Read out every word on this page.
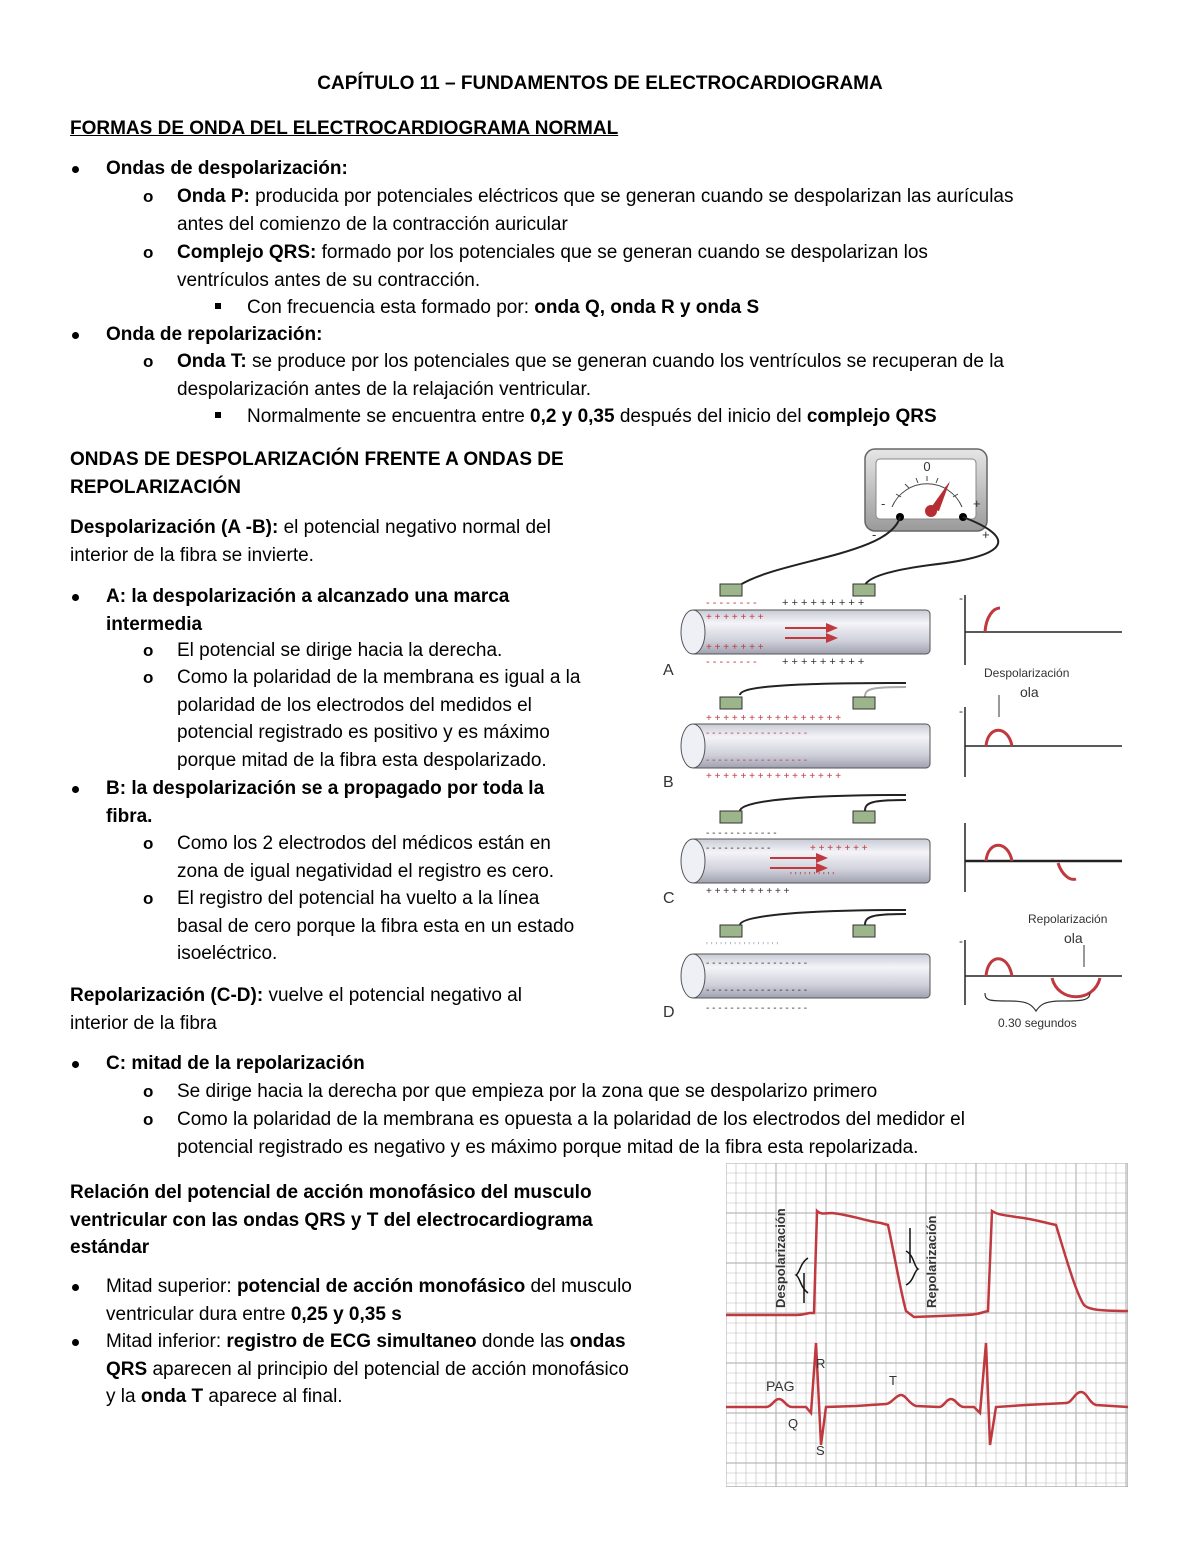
CAPÍTULO 11 – FUNDAMENTOS DE ELECTROCARDIOGRAMA
FORMAS DE ONDA DEL ELECTROCARDIOGRAMA NORMAL
Ondas de despolarización:
o Onda P: producida por potenciales eléctricos que se generan cuando se despolarizan las aurículas
antes del comienzo de la contracción auricular
o Complejo QRS: formado por los potenciales que se generan cuando se despolarizan los
ventrículos antes de su contracción.
Con frecuencia esta formado por: onda Q, onda R y onda S
Onda de repolarización:
o Onda T: se produce por los potenciales que se generan cuando los ventrículos se recuperan de la
despolarización antes de la relajación ventricular.
Normalmente se encuentra entre 0,2 y 0,35 después del inicio del complejo QRS
ONDAS DE DESPOLARIZACIÓN FRENTE A ONDAS DE
REPOLARIZACIÓN
Despolarización (A -B): el potencial negativo normal del
interior de la fibra se invierte.
A: la despolarización a alcanzado una marca
intermedia
o El potencial se dirige hacia la derecha.
o Como la polaridad de la membrana es igual a la
polaridad de los electrodos del medidos el
potencial registrado es positivo y es máximo
porque mitad de la fibra esta despolarizado.
B: la despolarización se a propagado por toda la
fibra.
o Como los 2 electrodos del médicos están en
zona de igual negatividad el registro es cero.
o El registro del potencial ha vuelto a la línea
basal de cero porque la fibra esta en un estado
isoeléctrico.
Repolarización (C-D): vuelve el potencial negativo al
interior de la fibra
C: mitad de la repolarización
o Se dirige hacia la derecha por que empieza por la zona que se despolarizo primero
o Como la polaridad de la membrana es opuesta a la polaridad de los electrodos del medidor el
potencial registrado es negativo y es máximo porque mitad de la fibra esta repolarizada.
Relación del potencial de acción monofásico del musculo
ventricular con las ondas QRS y T del electrocardiograma
estándar
Mitad superior: potencial de acción monofásico del musculo
ventricular dura entre 0,25 y 0,35 s
Mitad inferior: registro de ECG simultaneo donde las ondas
QRS aparecen al principio del potencial de acción monofásico
y la onda T aparece al final.
0
+
-
-	+
+ + + + + + + + +
- - - - - - - -
+ + + + + + +
+ + + + + + +
- - - - - - - - + + + + + + + + +
A
-
Despolarización
ola
+ + + + + + + + + + + + + + + +
- - - - - - - - - - - - - - - - -
- - - - - - - - - - - - - - - - -
+ + + + + + + + + + + + + + + +
B
-
- - - - - - - - - - - -
- - - - - - - - - - -	+ + + + + + +
' ' ' ' ' ' ' ' ' '
+ + + + + + + + + +
C
' ' ' ' ' ' ' ' ' ' ' ' ' ' ' '
- - - - - - - - - - - - - - - - -
- - - - - - - - - - - - - - - - -
- - - - - - - - - - - - - - - - -
D
-
Repolarización
ola
0.30 segundos
Despolarización	Repolarización
R
PAG	T
Q
S
